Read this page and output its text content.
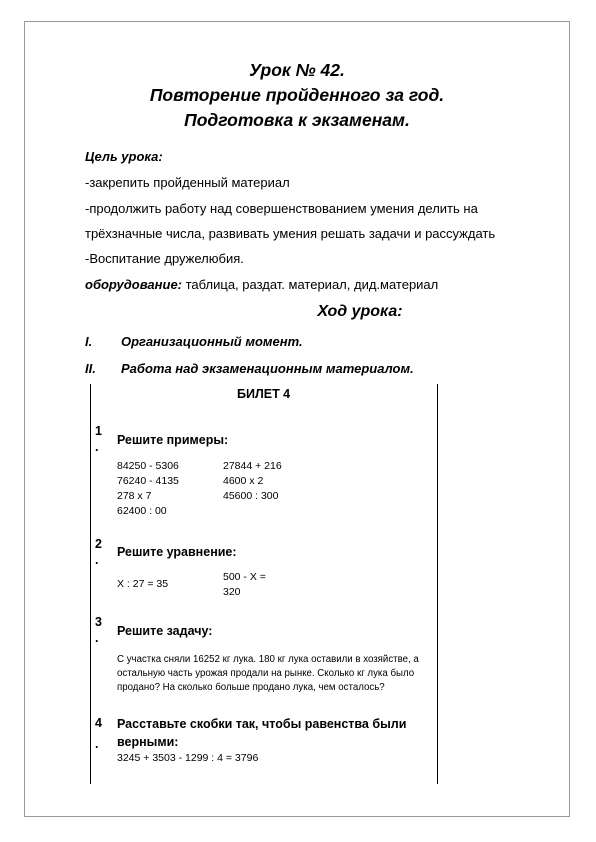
Урок № 42.
Повторение пройденного за год.
Подготовка к экзаменам.
Цель урока:
-закрепить пройденный материал
-продолжить работу над совершенствованием умения делить на
трёхзначные числа, развивать умения решать задачи и рассуждать
-Воспитание дружелюбия.
оборудование: таблица, раздат. материал, дид.материал
Ход урока:
I. Организационный момент.
II. Работа над экзаменационным материалом.
БИЛЕТ 4
1
. Решите примеры:
84250 - 5306
76240 - 4135
278 х 7
62400 : 00
27844 + 216
4600 х 2
45600 : 300
2
.
Решите уравнение:
Х : 27 = 35
500 - Х =
320
3
. Решите задачу:
С участка сняли 16252 кг лука. 180 кг лука оставили в хозяйстве, а
остальную часть урожая продали на рынке. Сколько кг лука было
продано? На сколько больше продано лука, чем осталось?
4
.
Расставьте скобки так, чтобы равенства были
верными:
3245 + 3503 - 1299 : 4 = 3796
